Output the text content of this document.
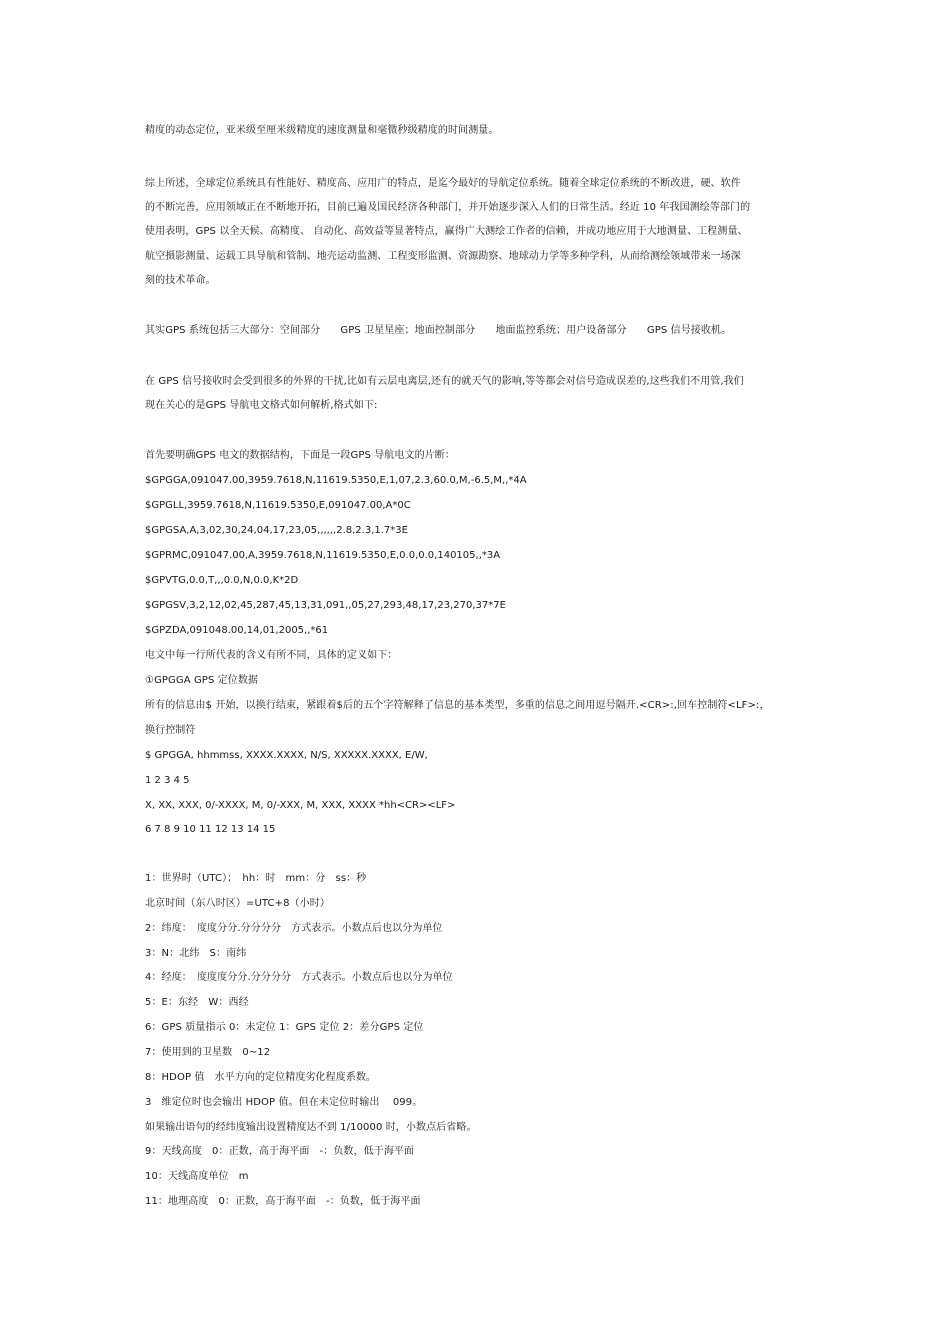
精度的动态定位，亚米级至厘米级精度的速度测量和毫微秒级精度的时间测量。
综上所述，全球定位系统具有性能好、精度高、应用广的特点，是迄今最好的导航定位系统。随着全球定位系统的不断改进，硬、软件
的不断完善，应用领域正在不断地开拓，目前已遍及国民经济各种部门，并开始逐步深入人们的日常生活。经近 10 年我国测绘等部门的
使用表明，GPS 以全天候、高精度、 自动化、高效益等显著特点，赢得广大测绘工作者的信赖，并成功地应用于大地测量、工程测量、
航空摄影测量、运载工具导航和管制、地壳运动监测、工程变形监测、资源勘察、地球动力学等多种学科，从而给测绘领域带来一场深
刻的技术革命。
其实GPS 系统包括三大部分：空间部分　　GPS 卫星星座；地面控制部分　　地面监控系统；用户设备部分　　GPS 信号接收机。
在 GPS 信号接收时会受到很多的外界的干扰,比如有云层电离层,还有的就天气的影响,等等都会对信号造成误差的,这些我们不用管,我们
现在关心的是GPS 导航电文格式如何解析,格式如下:
首先要明确GPS 电文的数据结构，下面是一段GPS 导航电文的片断：
$GPGGA,091047.00,3959.7618,N,11619.5350,E,1,07,2.3,60.0,M,-6.5,M,,*4A
$GPGLL,3959.7618,N,11619.5350,E,091047.00,A*0C
$GPGSA,A,3,02,30,24,04,17,23,05,,,,,,2.8,2.3,1.7*3E
$GPRMC,091047.00,A,3959.7618,N,11619.5350,E,0.0,0.0,140105,,*3A
$GPVTG,0.0,T,,,0.0,N,0.0,K*2D
$GPGSV,3,2,12,02,45,287,45,13,31,091,,05,27,293,48,17,23,270,37*7E
$GPZDA,091048.00,14,01,2005,,*61
电文中每一行所代表的含义有所不同，具体的定义如下：
①GPGGA GPS 定位数据
所有的信息由$ 开始，以换行结束，紧跟着$后的五个字符解释了信息的基本类型，多重的信息之间用逗号隔开.<CR>:,回车控制符<LF>:，
换行控制符
$ GPGGA, hhmmss, XXXX.XXXX, N/S, XXXXX.XXXX, E/W,
1 2 3 4 5
X, XX, XXX, 0/-XXXX, M, 0/-XXX, M, XXX, XXXX *hh<CR><LF>
6 7 8 9 10 11 12 13 14 15
1：世界时（UTC）；　hh：时　mm：分　ss：秒
北京时间（东八时区）=UTC+8（小时）
2：纬度：　度度分分.分分分分　方式表示。小数点后也以分为单位
3：N：北纬　S：南纬
4：经度：　度度度分分.分分分分　方式表示。小数点后也以分为单位
5：E：东经　W：西经
6：GPS 质量指示 0：未定位 1：GPS 定位 2：差分GPS 定位
7：使用到的卫星数　0~12
8：HDOP 值　水平方向的定位精度劣化程度系数。
3　维定位时也会输出 HDOP 值。但在未定位时输出　 099。
如果输出语句的经纬度输出设置精度达不到 1/10000 时，小数点后省略。
9：天线高度　0：正数，高于海平面　-：负数，低于海平面
10：天线高度单位　m
11：地理高度　0：正数，高于海平面　-：负数，低于海平面
